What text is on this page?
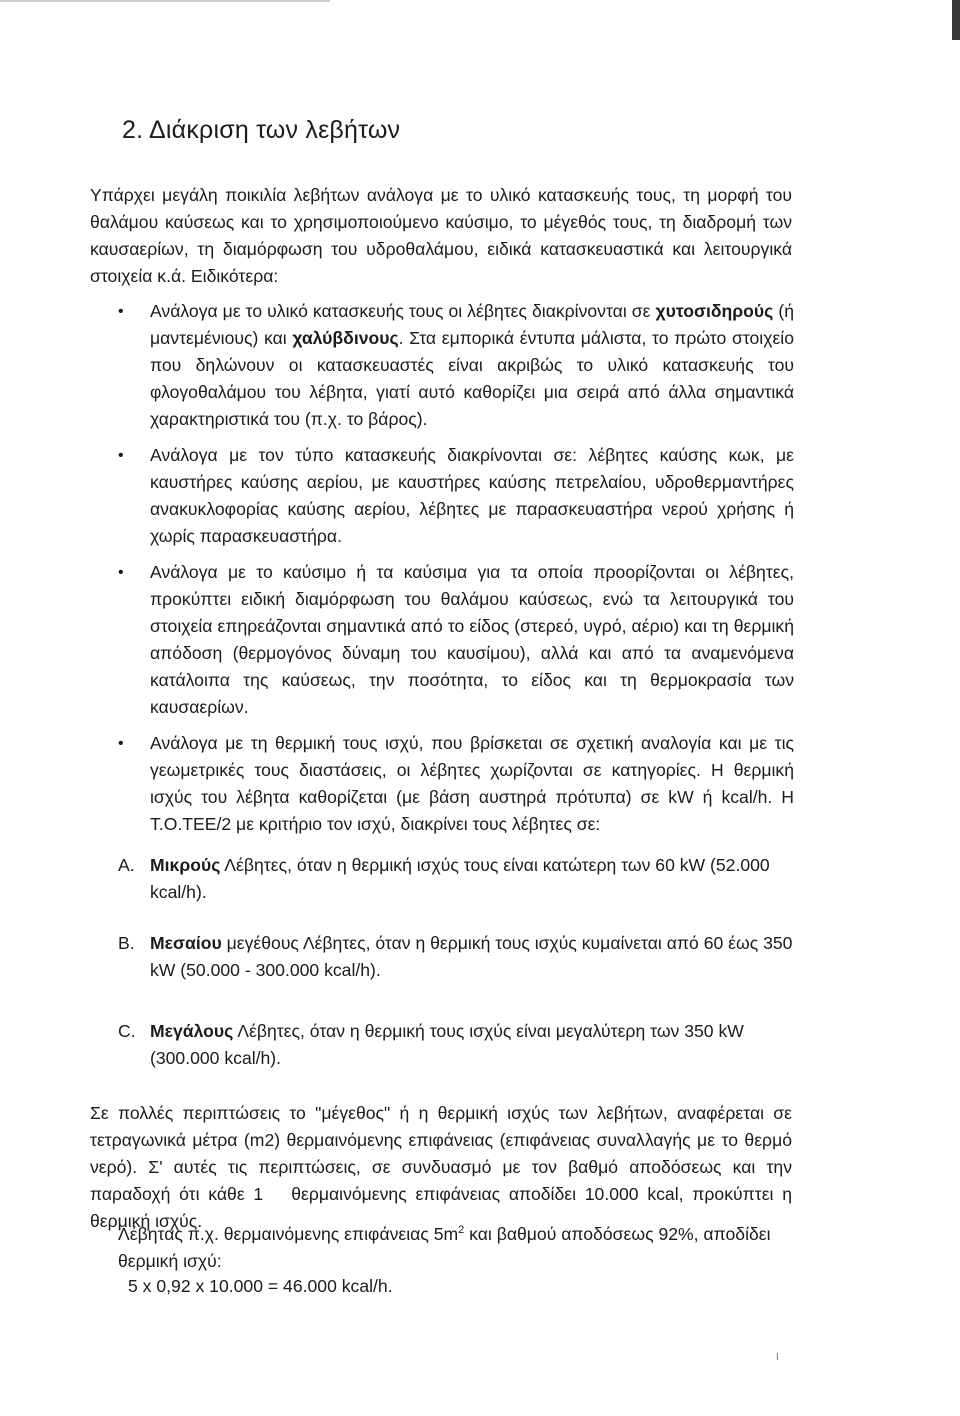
2. Διάκριση των λεβήτων
Υπάρχει μεγάλη ποικιλία λεβήτων ανάλογα με το υλικό κατασκευής τους, τη μορφή του θαλάμου καύσεως και το χρησιμοποιούμενο καύσιμο, το μέγεθός τους, τη διαδρομή των καυσαερίων, τη διαμόρφωση του υδροθαλάμου, ειδικά κατασκευαστικά και λειτουργικά στοιχεία κ.ά. Ειδικότερα:
• Ανάλογα με το υλικό κατασκευής τους οι λέβητες διακρίνονται σε χυτοσιδηρούς (ή μαντεμένιους) και χαλύβδινους. Στα εμπορικά έντυπα μάλιστα, το πρώτο στοιχείο που δηλώνουν οι κατασκευαστές είναι ακριβώς το υλικό κατασκευής του φλογοθαλάμου του λέβητα, γιατί αυτό καθορίζει μια σειρά από άλλα σημαντικά χαρακτηριστικά του (π.χ. το βάρος).
• Ανάλογα με τον τύπο κατασκευής διακρίνονται σε: λέβητες καύσης κωκ, με καυστήρες καύσης αερίου, με καυστήρες καύσης πετρελαίου, υδροθερμαντήρες ανακυκλοφορίας καύσης αερίου, λέβητες με παρασκευαστήρα νερού χρήσης ή χωρίς παρασκευαστήρα.
• Ανάλογα με το καύσιμο ή τα καύσιμα για τα οποία προορίζονται οι λέβητες, προκύπτει ειδική διαμόρφωση του θαλάμου καύσεως, ενώ τα λειτουργικά του στοιχεία επηρεάζονται σημαντικά από το είδος (στερεό, υγρό, αέριο) και τη θερμική απόδοση (θερμογόνος δύναμη του καυσίμου), αλλά και από τα αναμενόμενα κατάλοιπα της καύσεως, την ποσότητα, το είδος και τη θερμοκρασία των καυσαερίων.
• Ανάλογα με τη θερμική τους ισχύ, που βρίσκεται σε σχετική αναλογία και με τις γεωμετρικές τους διαστάσεις, οι λέβητες χωρίζονται σε κατηγορίες. Η θερμική ισχύς του λέβητα καθορίζεται (με βάση αυστηρά πρότυπα) σε kW ή kcal/h. Η Τ.Ο.ΤΕΕ/2 με κριτήριο τον ισχύ, διακρίνει τους λέβητες σε:
A. Μικρούς Λέβητες, όταν η θερμική ισχύς τους είναι κατώτερη των 60 kW (52.000 kcal/h).
B. Μεσαίου μεγέθους Λέβητες, όταν η θερμική τους ισχύς κυμαίνεται από 60 έως 350 kW (50.000 - 300.000 kcal/h).
C. Μεγάλους Λέβητες, όταν η θερμική τους ισχύς είναι μεγαλύτερη των 350 kW (300.000 kcal/h).
Σε πολλές περιπτώσεις το "μέγεθος" ή η θερμική ισχύς των λεβήτων, αναφέρεται σε τετραγωνικά μέτρα (m2) θερμαινόμενης επιφάνειας (επιφάνειας συναλλαγής με το θερμό νερό). Σ' αυτές τις περιπτώσεις, σε συνδυασμό με τον βαθμό αποδόσεως και την παραδοχή ότι κάθε 1 θερμαινόμενης επιφάνειας αποδίδει 10.000 kcal, προκύπτει η θερμική ισχύς.
Λέβητας π.χ. θερμαινόμενης επιφάνειας $5m^2$ και βαθμού αποδόσεως 92%, αποδίδει θερμική ισχύ:
5 x 0,92 x 10.000 = 46.000 kcal/h.
ι
